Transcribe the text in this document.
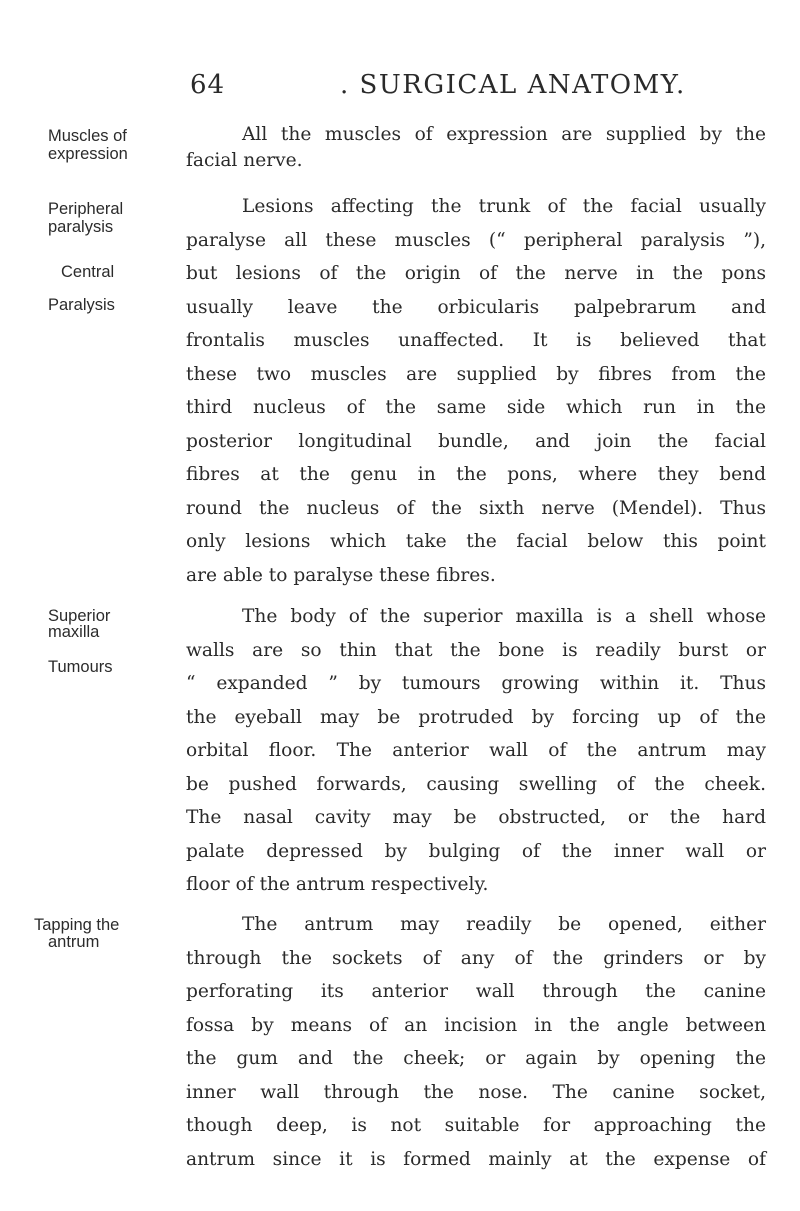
64	. SURGICAL ANATOMY.
Muscles of
expression
All the muscles of expression are supplied by the
facial nerve.
Peripheral
paralysis
Central
Paralysis
Lesions affecting the trunk of the facial usually
paralyse all these muscles (“ peripheral paralysis ”),
but lesions of the origin of the nerve in the pons
usually leave the orbicularis palpebrarum and
frontalis muscles unaffected. It is believed that
these two muscles are supplied by fibres from the
third nucleus of the same side which run in the
posterior longitudinal bundle, and join the facial
fibres at the genu in the pons, where they bend
round the nucleus of the sixth nerve (Mendel). Thus
only lesions which take the facial below this point
are able to paralyse these fibres.
Superior
maxilla
Tumours
The body of the superior maxilla is a shell whose
walls are so thin that the bone is readily burst or
“ expanded ” by tumours growing within it. Thus
the eyeball may be protruded by forcing up of the
orbital floor. The anterior wall of the antrum may
be pushed forwards, causing swelling of the cheek.
The nasal cavity may be obstructed, or the hard
palate depressed by bulging of the inner wall or
floor of the antrum respectively.
Tapping the
antrum
The antrum may readily be opened, either
through the sockets of any of the grinders or by
perforating its anterior wall through the canine
fossa by means of an incision in the angle between
the gum and the cheek; or again by opening the
inner wall through the nose. The canine socket,
though deep, is not suitable for approaching the
antrum since it is formed mainly at the expense of
